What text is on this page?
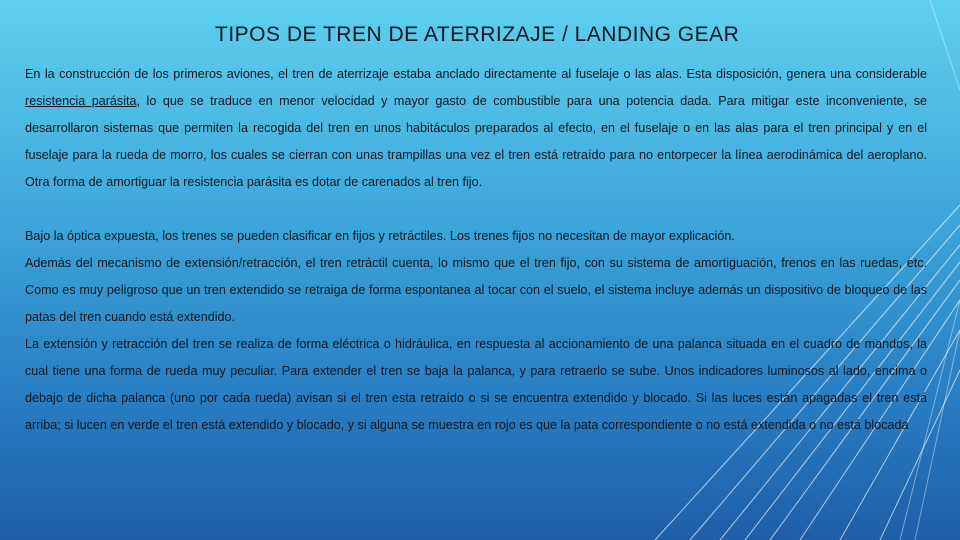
TIPOS DE TREN DE ATERRIZAJE / LANDING GEAR

En la construcción de los primeros aviones, el tren de aterrizaje estaba anclado directamente al fuselaje o las alas. Esta disposición, genera una considerable resistencia parásita, lo que se traduce en menor velocidad y mayor gasto de combustible para una potencia dada. Para mitigar este inconveniente, se desarrollaron sistemas que permiten la recogida del tren en unos habitáculos preparados al efecto, en el fuselaje o en las alas para el tren principal y en el fuselaje para la rueda de morro, los cuales se cierran con unas trampillas una vez el tren está retraído para no entorpecer la línea aerodinámica del aeroplano. Otra forma de amortiguar la resistencia parásita es dotar de carenados al tren fijo.

Bajo la óptica expuesta, los trenes se pueden clasificar en fijos y retráctiles. Los trenes fijos no necesitan de mayor explicación.

Además del mecanismo de extensión/retracción, el tren retráctil cuenta, lo mismo que el tren fijo, con su sistema de amortiguación, frenos en las ruedas, etc. Como es muy peligroso que un tren extendido se retraiga de forma espontanea al tocar con el suelo, el sistema incluye además un dispositivo de bloqueo de las patas del tren cuando está extendido.

La extensión y retracción del tren se realiza de forma eléctrica o hidráulica, en respuesta al accionamiento de una palanca situada en el cuadro de mandos, la cual tiene una forma de rueda muy peculiar. Para extender el tren se baja la palanca, y para retraerlo se sube. Unos indicadores luminosos al lado, encima o debajo de dicha palanca (uno por cada rueda) avisan si el tren esta retraído o si se encuentra extendido y blocado. Si las luces están apagadas el tren está arriba; si lucen en verde el tren está extendido y blocado, y si alguna se muestra en rojo es que la pata correspondiente o no está extendida o no está blocada
